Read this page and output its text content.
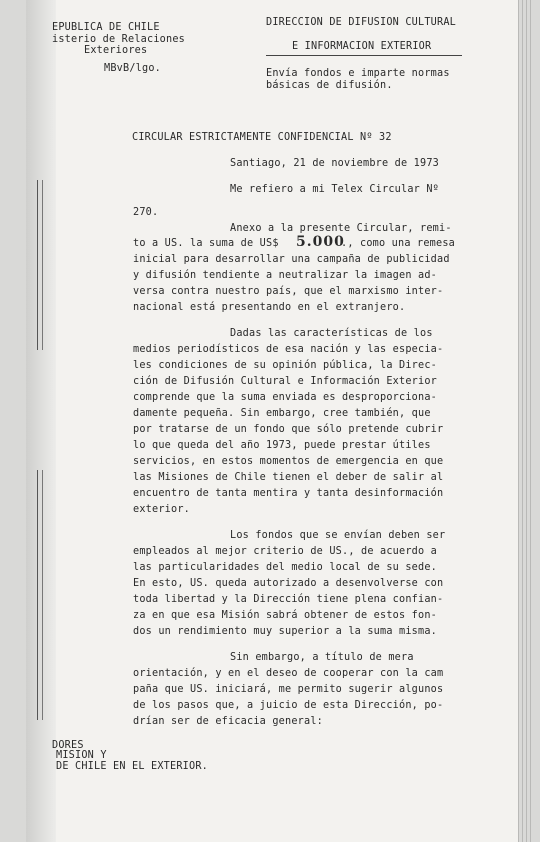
EPUBLICA DE CHILE

isterio de Relaciones

Exteriores

MBvB/lgo.

DIRECCION DE DIFUSION CULTURAL

E INFORMACION EXTERIOR

Envía fondos e imparte normas

básicas de difusión.

CIRCULAR ESTRICTAMENTE CONFIDENCIAL Nº 32

Santiago, 21 de noviembre de 1973

Me refiero a mi Telex Circular Nº

270.

Anexo a la presente Circular, remi-

to a US. la suma de US$ 5.000

., como una remesa

inicial para desarrollar una campaña de publicidad

y difusión tendiente a neutralizar la imagen ad-

versa contra nuestro país, que el marxismo inter-

nacional está presentando en el extranjero.

Dadas las características de los

medios periodísticos de esa nación y las especia-

les condiciones de su opinión pública, la Direc-

ción de Difusión Cultural e Información Exterior

comprende que la suma enviada es desproporciona-

damente pequeña. Sin embargo, cree también, que

por tratarse de un fondo que sólo pretende cubrir

lo que queda del año 1973, puede prestar útiles

servicios, en estos momentos de emergencia en que

las Misiones de Chile tienen el deber de salir al

encuentro de tanta mentira y tanta desinformación

exterior.

Los fondos que se envían deben ser

empleados al mejor criterio de US., de acuerdo a

las particularidades del medio local de su sede.

En esto, US. queda autorizado a desenvolverse con

toda libertad y la Dirección tiene plena confian-

za en que esa Misión sabrá obtener de estos fon-

dos un rendimiento muy superior a la suma misma.

Sin embargo, a título de mera

orientación, y en el deseo de cooperar con la cam

paña que US. iniciará, me permito sugerir algunos

de los pasos que, a juicio de esta Dirección, po-

drían ser de eficacia general:

DORES

MISION Y

DE CHILE EN EL EXTERIOR.
